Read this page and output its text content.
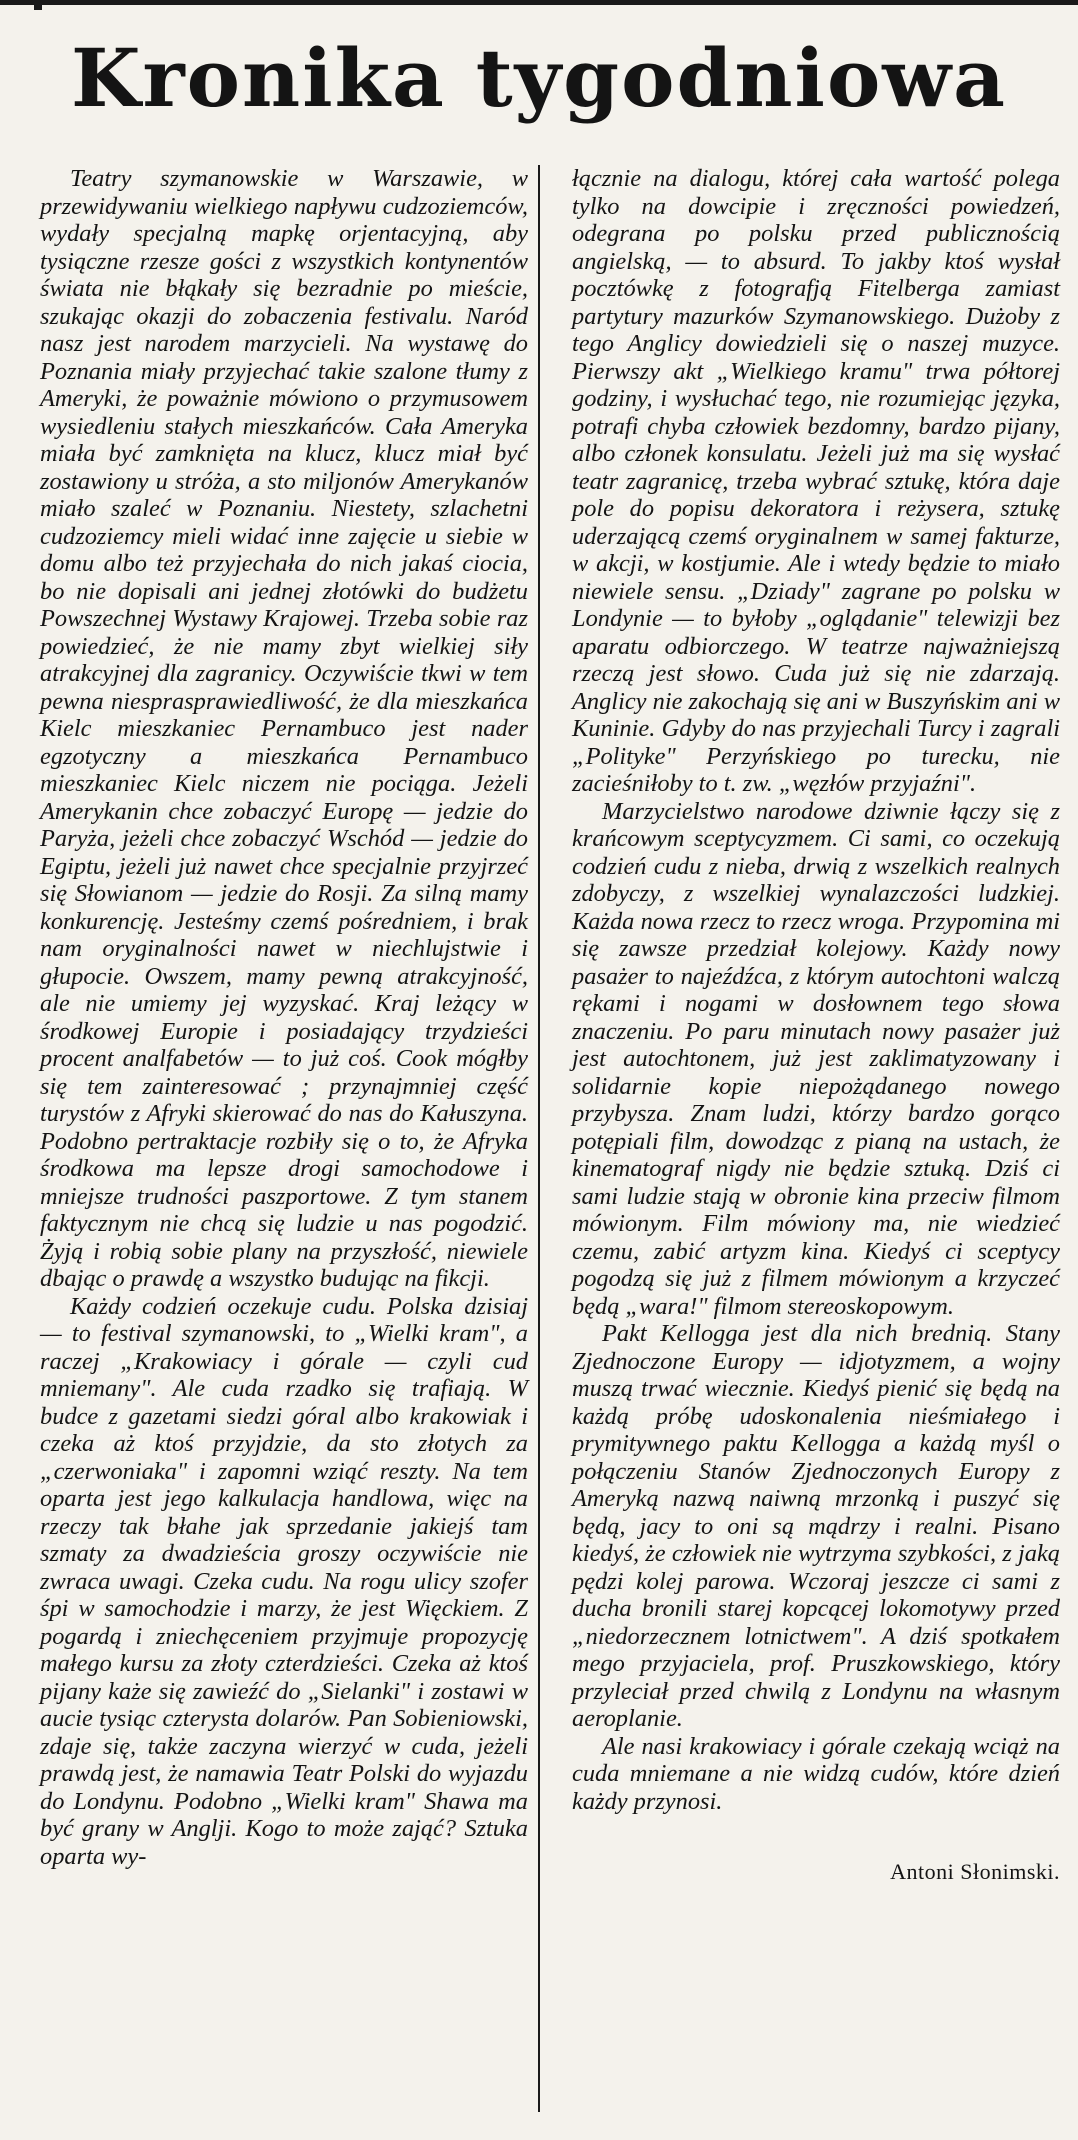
Kronika tygodniowa

Teatry szymanowskie w Warszawie, w przewidywaniu wielkiego napływu cudzoziemców, wydały specjalną mapkę orjentacyjną, aby tysiączne rzesze gości z wszystkich kontynentów świata nie błąkały się bezradnie po mieście, szukając okazji do zobaczenia festivalu. Naród nasz jest narodem marzycieli. Na wystawę do Poznania miały przyjechać takie szalone tłumy z Ameryki, że poważnie mówiono o przymusowem wysiedleniu stałych mieszkańców. Cała Ameryka miała być zamknięta na klucz, klucz miał być zostawiony u stróża, a sto miljonów Amerykanów miało szaleć w Poznaniu. Niestety, szlachetni cudzoziemcy mieli widać inne zajęcie u siebie w domu albo też przyjechała do nich jakaś ciocia, bo nie dopisali ani jednej złotówki do budżetu Powszechnej Wystawy Krajowej. Trzeba sobie raz powiedzieć, że nie mamy zbyt wielkiej siły atrakcyjnej dla zagranicy. Oczywiście tkwi w tem pewna niesprasprawiedliwość, że dla mieszkańca Kielc mieszkaniec Pernambuco jest nader egzotyczny a mieszkańca Pernambuco mieszkaniec Kielc niczem nie pociąga. Jeżeli Amerykanin chce zobaczyć Europę — jedzie do Paryża, jeżeli chce zobaczyć Wschód — jedzie do Egiptu, jeżeli już nawet chce specjalnie przyjrzeć się Słowianom — jedzie do Rosji. Za silną mamy konkurencję. Jesteśmy czemś pośredniem, i brak nam oryginalności nawet w niechlujstwie i głupocie. Owszem, mamy pewną atrakcyjność, ale nie umiemy jej wyzyskać. Kraj leżący w środkowej Europie i posiadający trzydzieści procent analfabetów — to już coś. Cook mógłby się tem zainteresować ; przynajmniej część turystów z Afryki skierować do nas do Kałuszyna. Podobno pertraktacje rozbiły się o to, że Afryka środkowa ma lepsze drogi samochodowe i mniejsze trudności paszportowe. Z tym stanem faktycznym nie chcą się ludzie u nas pogodzić. Żyją i robią sobie plany na przyszłość, niewiele dbając o prawdę a wszystko budując na fikcji.

Każdy codzień oczekuje cudu. Polska dzisiaj — to festival szymanowski, to „Wielki kram", a raczej „Krakowiacy i górale — czyli cud mniemany". Ale cuda rzadko się trafiają. W budce z gazetami siedzi góral albo krakowiak i czeka aż ktoś przyjdzie, da sto złotych za „czerwoniaka" i zapomni wziąć reszty. Na tem oparta jest jego kalkulacja handlowa, więc na rzeczy tak błahe jak sprzedanie jakiejś tam szmaty za dwadzieścia groszy oczywiście nie zwraca uwagi. Czeka cudu. Na rogu ulicy szofer śpi w samochodzie i marzy, że jest Więckiem. Z pogardą i zniechęceniem przyjmuje propozycję małego kursu za złoty czterdzieści. Czeka aż ktoś pijany każe się zawieźć do „Sielanki" i zostawi w aucie tysiąc czterysta dolarów. Pan Sobieniowski, zdaje się, także zaczyna wierzyć w cuda, jeżeli prawdą jest, że namawia Teatr Polski do wyjazdu do Londynu. Podobno „Wielki kram" Shawa ma być grany w Anglji. Kogo to może zająć? Sztuka oparta wy-

łącznie na dialogu, której cała wartość polega tylko na dowcipie i zręczności powiedzeń, odegrana po polsku przed publicznością angielską, — to absurd. To jakby ktoś wysłał pocztówkę z fotografją Fitelberga zamiast partytury mazurków Szymanowskiego. Dużoby z tego Anglicy dowiedzieli się o naszej muzyce. Pierwszy akt „Wielkiego kramu" trwa półtorej godziny, i wysłuchać tego, nie rozumiejąc języka, potrafi chyba człowiek bezdomny, bardzo pijany, albo członek konsulatu. Jeżeli już ma się wysłać teatr zagranicę, trzeba wybrać sztukę, która daje pole do popisu dekoratora i reżysera, sztukę uderzającą czemś oryginalnem w samej fakturze, w akcji, w kostjumie. Ale i wtedy będzie to miało niewiele sensu. „Dziady" zagrane po polsku w Londynie — to byłoby „oglądanie" telewizji bez aparatu odbiorczego. W teatrze najważniejszą rzeczą jest słowo. Cuda już się nie zdarzają. Anglicy nie zakochają się ani w Buszyńskim ani w Kuninie. Gdyby do nas przyjechali Turcy i zagrali „Polityke" Perzyńskiego po turecku, nie zacieśniłoby to t. zw. „węzłów przyjaźni".

Marzycielstwo narodowe dziwnie łączy się z krańcowym sceptycyzmem. Ci sami, co oczekują codzień cudu z nieba, drwią z wszelkich realnych zdobyczy, z wszelkiej wynalazczości ludzkiej. Każda nowa rzecz to rzecz wroga. Przypomina mi się zawsze przedział kolejowy. Każdy nowy pasażer to najeźdźca, z którym autochtoni walczą rękami i nogami w dosłownem tego słowa znaczeniu. Po paru minutach nowy pasażer już jest autochtonem, już jest zaklimatyzowany i solidarnie kopie niepożądanego nowego przybysza. Znam ludzi, którzy bardzo gorąco potępiali film, dowodząc z pianą na ustach, że kinematograf nigdy nie będzie sztuką. Dziś ci sami ludzie stają w obronie kina przeciw filmom mówionym. Film mówiony ma, nie wiedzieć czemu, zabić artyzm kina. Kiedyś ci sceptycy pogodzą się już z filmem mówionym a krzyczeć będą „wara!" filmom stereoskopowym.

Pakt Kellogga jest dla nich bredniq. Stany Zjednoczone Europy — idjotyzmem, a wojny muszą trwać wiecznie. Kiedyś pienić się będą na każdą próbę udoskonalenia nieśmiałego i prymitywnego paktu Kellogga a każdą myśl o połączeniu Stanów Zjednoczonych Europy z Ameryką nazwą naiwną mrzonką i puszyć się będą, jacy to oni są mądrzy i realni. Pisano kiedyś, że człowiek nie wytrzyma szybkości, z jaką pędzi kolej parowa. Wczoraj jeszcze ci sami z ducha bronili starej kopcącej lokomotywy przed „niedorzecznem lotnictwem". A dziś spotkałem mego przyjaciela, prof. Pruszkowskiego, który przyleciał przed chwilą z Londynu na własnym aeroplanie.

Ale nasi krakowiacy i górale czekają wciąż na cuda mniemane a nie widzą cudów, które dzień każdy przynosi.

Antoni Słonimski.
